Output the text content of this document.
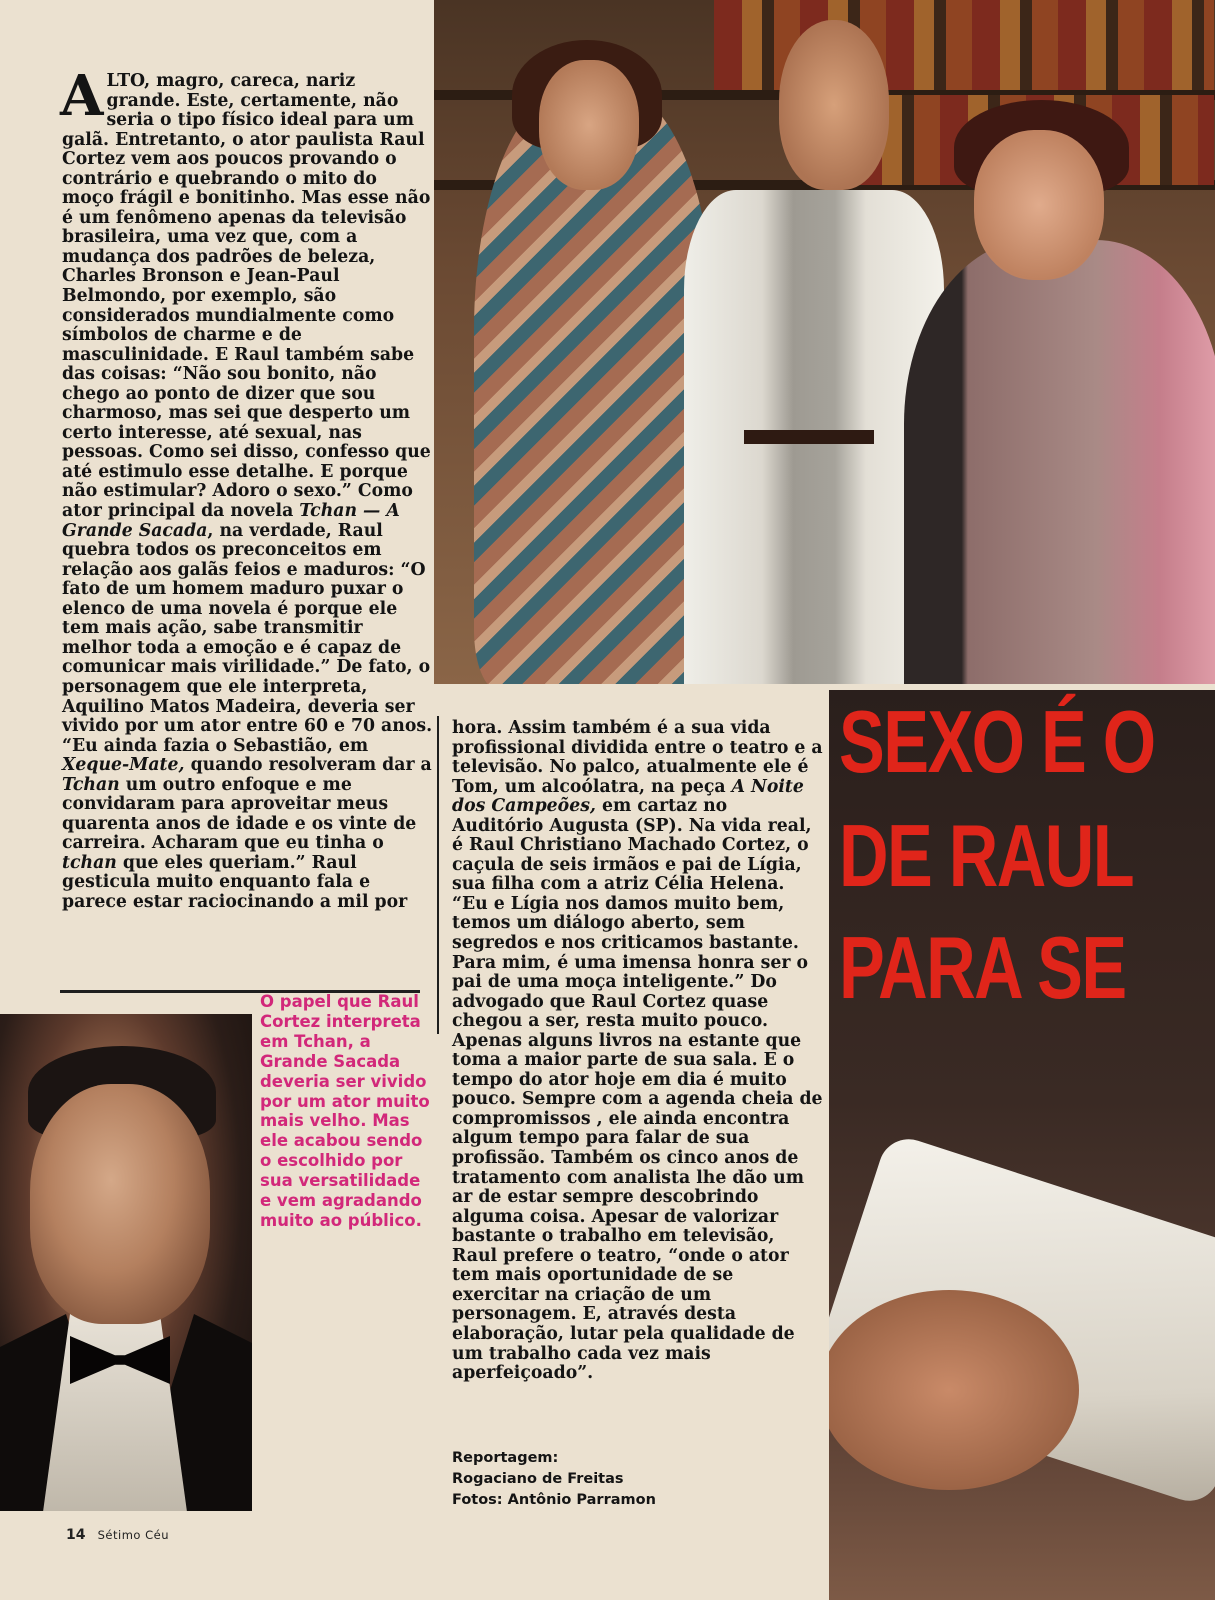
ALTO, magro, careca, nariz grande. Este, certamente, não seria o tipo físico ideal para um galã. Entretanto, o ator paulista Raul Cortez vem aos poucos provando o contrário e quebrando o mito do moço frágil e bonitinho. Mas esse não é um fenômeno apenas da televisão brasileira, uma vez que, com a mudança dos padrões de beleza, Charles Bronson e Jean-Paul Belmondo, por exemplo, são considerados mundialmente como símbolos de charme e de masculinidade. E Raul também sabe das coisas: “Não sou bonito, não chego ao ponto de dizer que sou charmoso, mas sei que desperto um certo interesse, até sexual, nas pessoas. Como sei disso, confesso que até estimulo esse detalhe. E porque não estimular? Adoro o sexo.” Como ator principal da novela Tchan — A Grande Sacada, na verdade, Raul quebra todos os preconceitos em relação aos galãs feios e maduros: “O fato de um homem maduro puxar o elenco de uma novela é porque ele tem mais ação, sabe transmitir melhor toda a emoção e é capaz de comunicar mais virilidade.” De fato, o personagem que ele interpreta, Aquilino Matos Madeira, deveria ser vivido por um ator entre 60 e 70 anos. “Eu ainda fazia o Sebastião, em Xeque-Mate, quando resolveram dar a Tchan um outro enfoque e me convidaram para aproveitar meus quarenta anos de idade e os vinte de carreira. Acharam que eu tinha o tchan que eles queriam.” Raul gesticula muito enquanto fala e parece estar raciocinando a mil por

O papel que Raul Cortez interpreta em Tchan, a Grande Sacada deveria ser vivido por um ator muito mais velho. Mas ele acabou sendo o escolhido por sua versatilidade e vem agradando muito ao público.

hora. Assim também é a sua vida profissional dividida entre o teatro e a televisão. No palco, atualmente ele é Tom, um alcoólatra, na peça A Noite dos Campeões, em cartaz no Auditório Augusta (SP). Na vida real, é Raul Christiano Machado Cortez, o caçula de seis irmãos e pai de Lígia, sua filha com a atriz Célia Helena. “Eu e Lígia nos damos muito bem, temos um diálogo aberto, sem segredos e nos criticamos bastante. Para mim, é uma imensa honra ser o pai de uma moça inteligente.” Do advogado que Raul Cortez quase chegou a ser, resta muito pouco. Apenas alguns livros na estante que toma a maior parte de sua sala. E o tempo do ator hoje em dia é muito pouco. Sempre com a agenda cheia de compromissos , ele ainda encontra algum tempo para falar de sua profissão. Também os cinco anos de tratamento com analista lhe dão um ar de estar sempre descobrindo alguma coisa. Apesar de valorizar bastante o trabalho em televisão, Raul prefere o teatro, “onde o ator tem mais oportunidade de se exercitar na criação de um personagem. E, através desta elaboração, lutar pela qualidade de um trabalho cada vez mais aperfeiçoado”.

Reportagem:
Rogaciano de Freitas
Fotos: Antônio Parramon
SEXO É O
DE RAUL
PARA SE
14 Sétimo Céu
